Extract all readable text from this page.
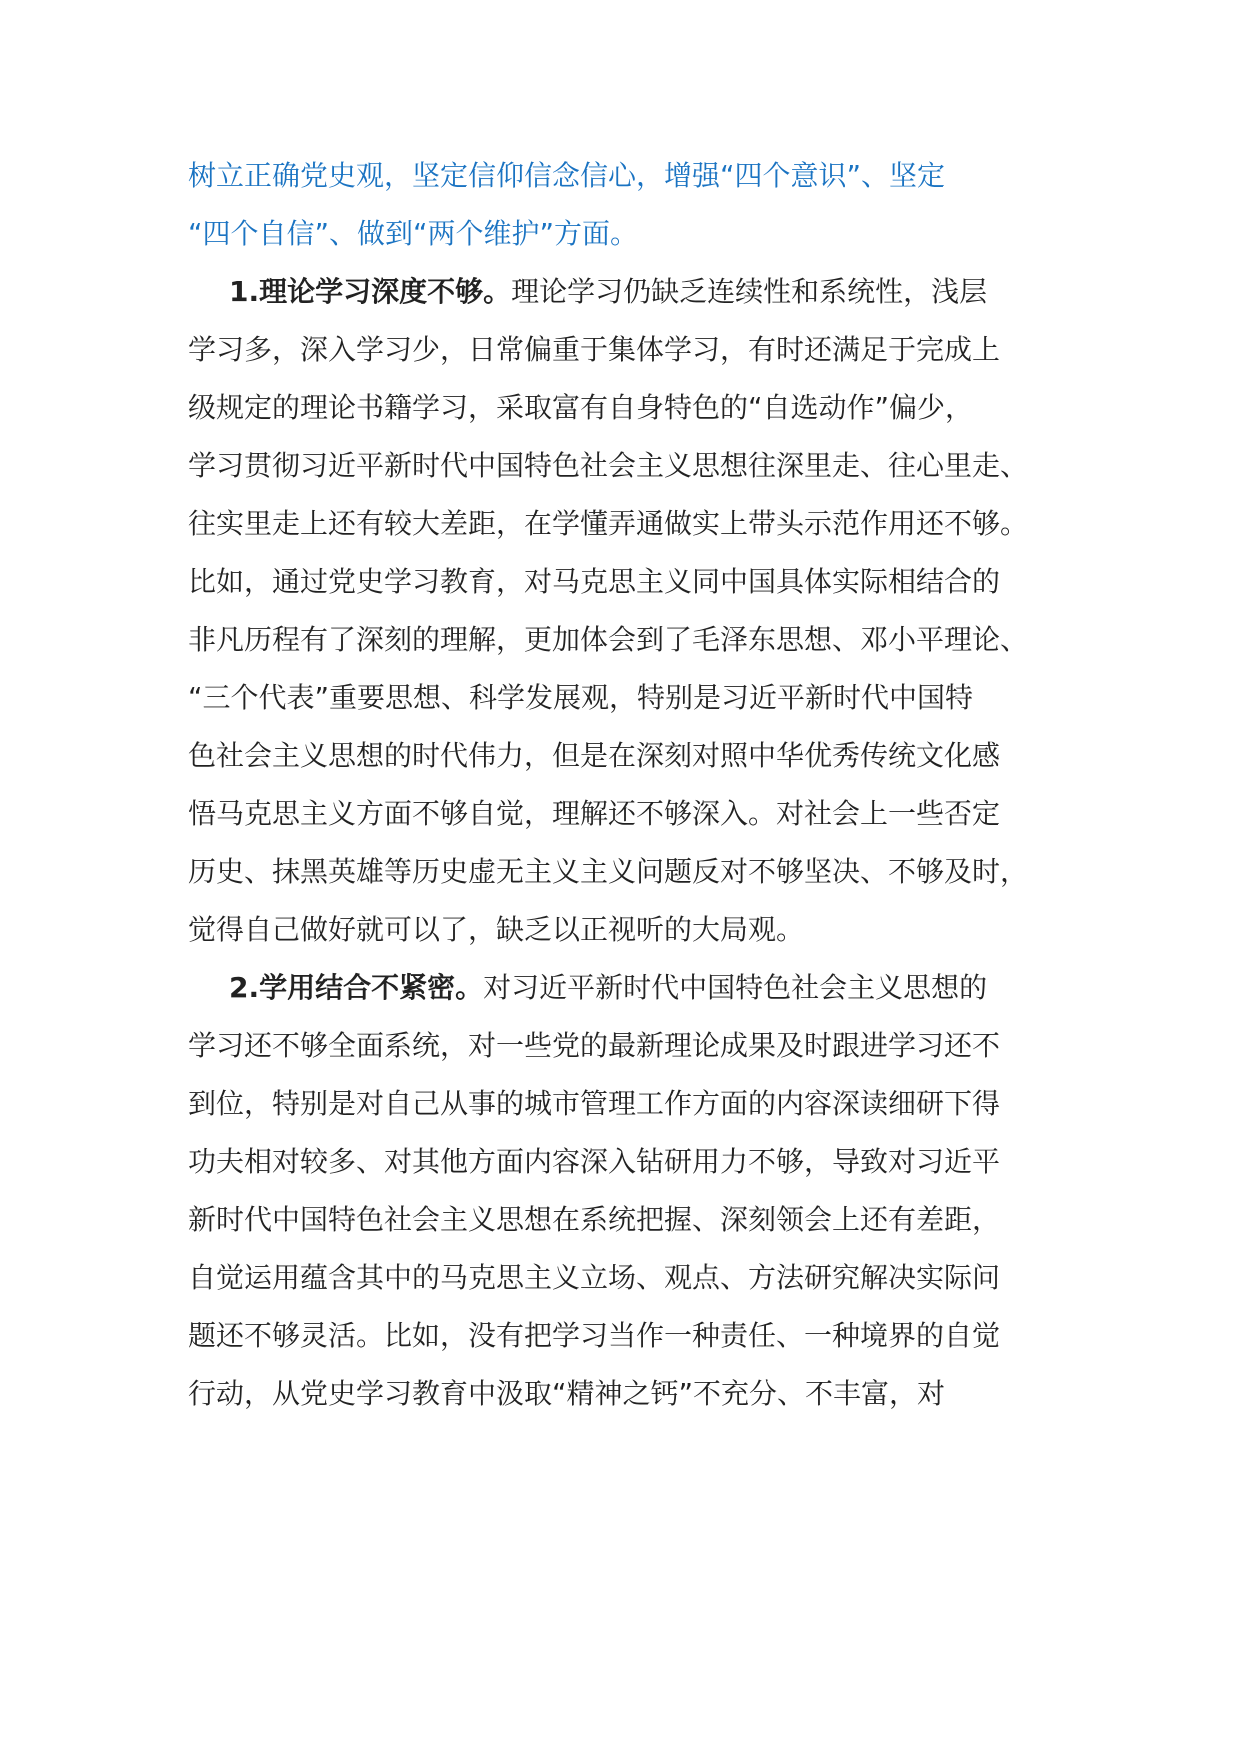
树立正确党史观，坚定信仰信念信心，增强“四个意识”、坚定
“四个自信”、做到“两个维护”方面。
1.理论学习深度不够。理论学习仍缺乏连续性和系统性，浅层
学习多，深入学习少，日常偏重于集体学习，有时还满足于完成上
级规定的理论书籍学习，采取富有自身特色的“自选动作”偏少，
学习贯彻习近平新时代中国特色社会主义思想往深里走、往心里走、
往实里走上还有较大差距，在学懂弄通做实上带头示范作用还不够。
比如，通过党史学习教育，对马克思主义同中国具体实际相结合的
非凡历程有了深刻的理解，更加体会到了毛泽东思想、邓小平理论、
“三个代表”重要思想、科学发展观，特别是习近平新时代中国特
色社会主义思想的时代伟力，但是在深刻对照中华优秀传统文化感
悟马克思主义方面不够自觉，理解还不够深入。对社会上一些否定
历史、抹黑英雄等历史虚无主义主义问题反对不够坚决、不够及时，
觉得自己做好就可以了，缺乏以正视听的大局观。
2.学用结合不紧密。对习近平新时代中国特色社会主义思想的
学习还不够全面系统，对一些党的最新理论成果及时跟进学习还不
到位，特别是对自己从事的城市管理工作方面的内容深读细研下得
功夫相对较多、对其他方面内容深入钻研用力不够，导致对习近平
新时代中国特色社会主义思想在系统把握、深刻领会上还有差距，
自觉运用蕴含其中的马克思主义立场、观点、方法研究解决实际问
题还不够灵活。比如，没有把学习当作一种责任、一种境界的自觉
行动，从党史学习教育中汲取“精神之钙”不充分、不丰富，对
